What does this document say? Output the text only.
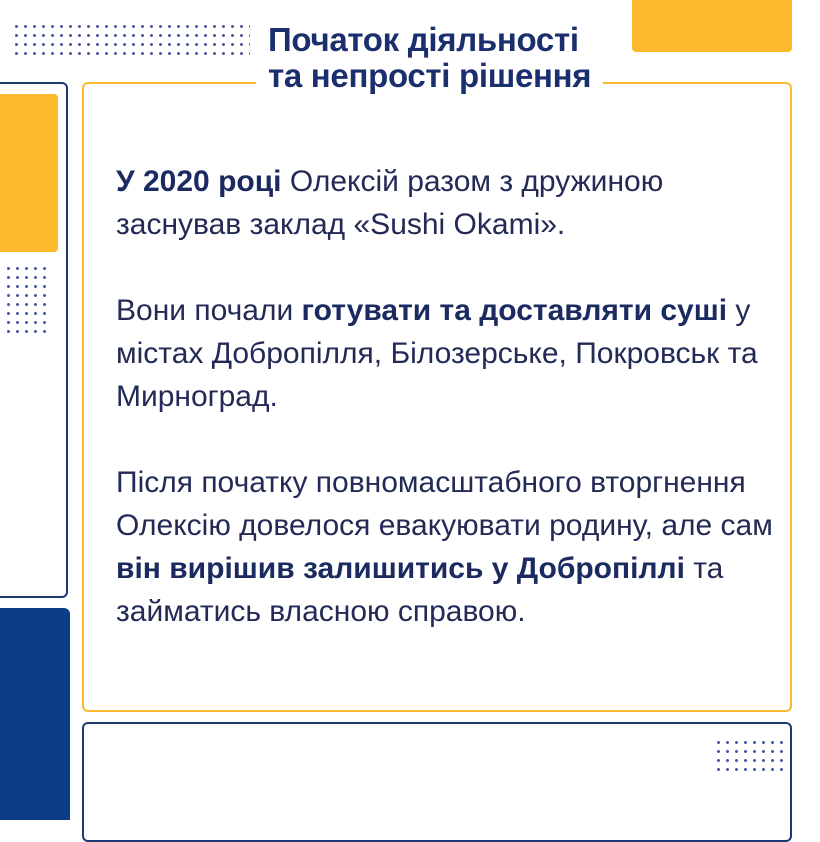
Початок діяльності
та непрості рішення

У 2020 році Олексій разом з дружиною заснував заклад «Sushi Okami».

Вони почали готувати та доставляти суші у містах Добропілля, Білозерське, Покровськ та Мирноград.

Після початку повномасштабного вторгнення Олексію довелося евакуювати родину, але сам він вирішив залишитись у Добропіллі та займатись власною справою.
